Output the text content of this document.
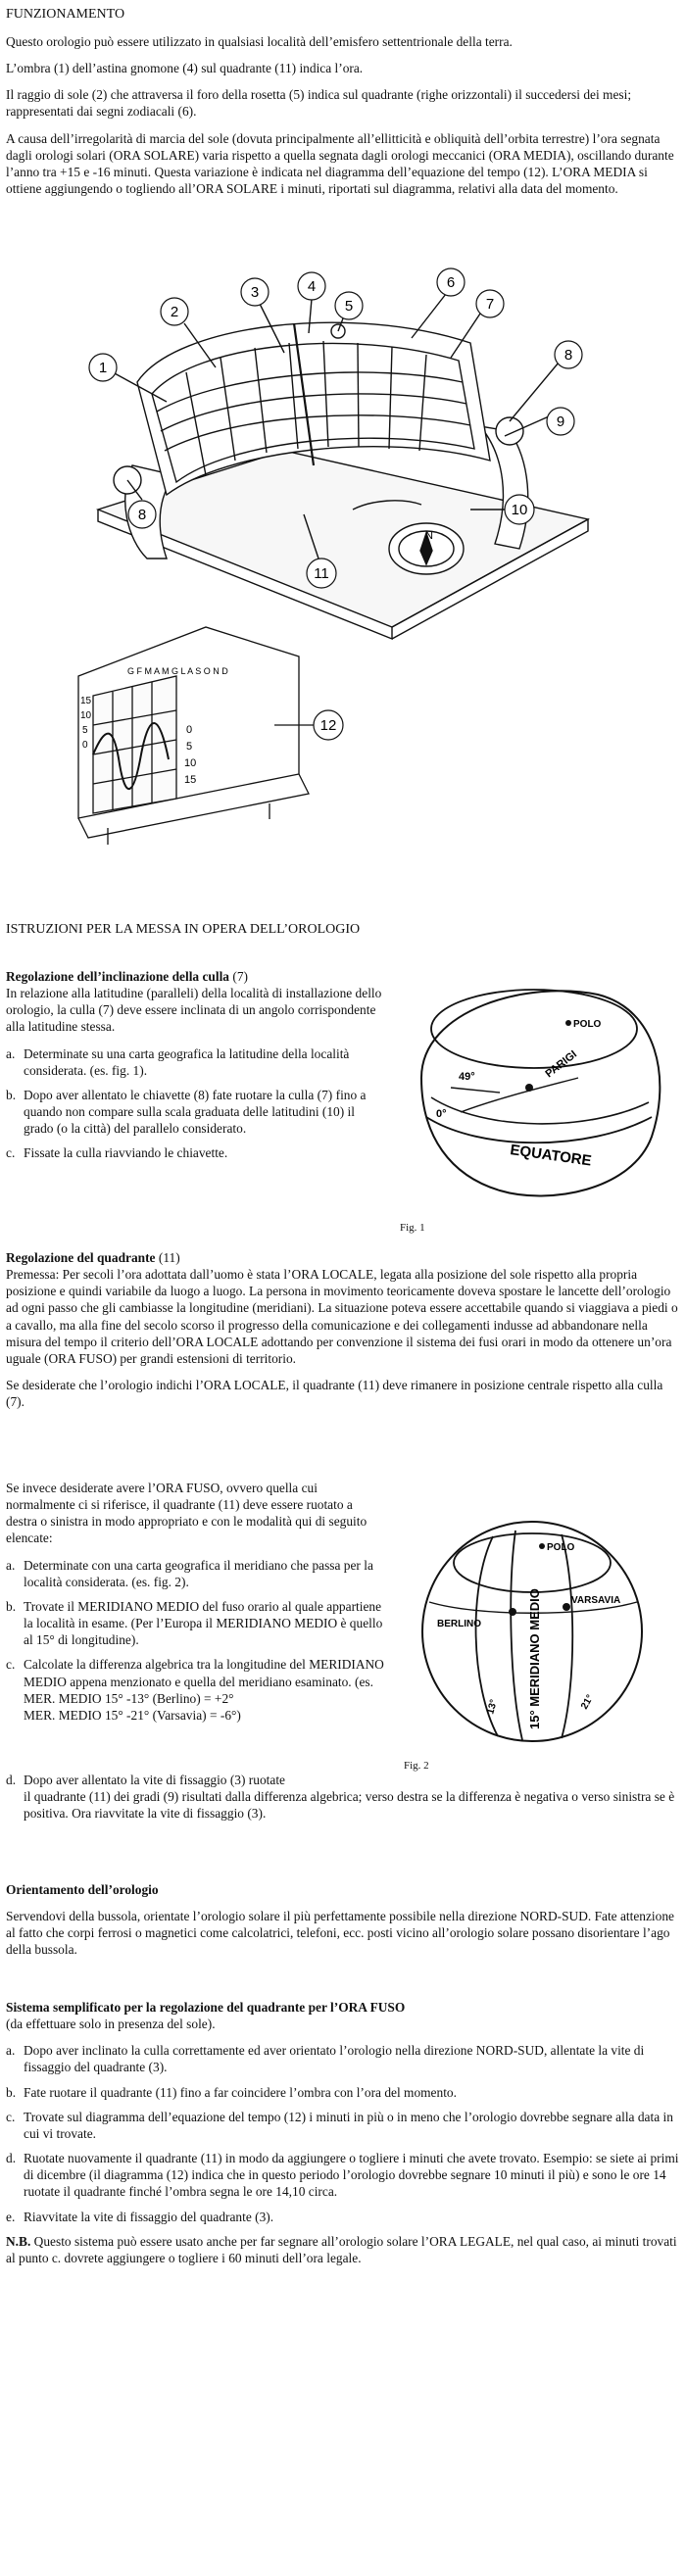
FUNZIONAMENTO

Questo orologio può essere utilizzato in qualsiasi località dell’emisfero settentrionale della terra.

L’ombra (1) dell’astina gnomone (4) sul quadrante (11) indica l’ora.

Il raggio di sole (2) che attraversa il foro della rosetta (5) indica sul quadrante (righe orizzontali) il succedersi dei mesi; rappresentati dai segni zodiacali (6).

A causa dell’irregolarità di marcia del sole (dovuta principalmente all’ellitticità e obliquità dell’orbita terrestre) l’ora segnata dagli orologi solari (ORA SOLARE) varia rispetto a quella segnata dagli orologi meccanici (ORA MEDIA), oscillando durante l’anno tra +15 e -16 minuti. Questa variazione è indicata nel diagramma dell’equazione del tempo (12). L’ORA MEDIA si ottiene aggiungendo o togliendo all’ORA SOLARE i minuti, riportati sul diagramma, relativi alla data del momento.

1
2
3	4
5
6
7
8
8
9
10
11
N
G F M A M G L A S O N D
15
10
5
0
0
5
10
15
12

ISTRUZIONI PER LA MESSA IN OPERA DELL’OROLOGIO

Regolazione dell’inclinazione della culla (7)

In relazione alla latitudine (paralleli) della località di installazione dello orologio, la culla (7) deve essere inclinata di un angolo corrispondente alla latitudine stessa.

a. Determinate su una carta geografica la latitudine della località considerata. (es. fig. 1).
b. Dopo aver allentato le chiavette (8) fate ruotare la culla (7) fino a quando non compare sulla scala graduata delle latitudini (10) il grado (o la città) del parallelo considerato.
c. Fissate la culla riavviando le chiavette.
POLO
49°
0°
PARIGI
EQUATORE
Fig. 1

Regolazione del quadrante (11)

Premessa: Per secoli l’ora adottata dall’uomo è stata l’ORA LOCALE, legata alla posizione del sole rispetto alla propria posizione e quindi variabile da luogo a luogo. La persona in movimento teoricamente doveva spostare le lancette dell’orologio ad ogni passo che gli cambiasse la longitudine (meridiani). La situazione poteva essere accettabile quando si viaggiava a piedi o a cavallo, ma alla fine del secolo scorso il progresso della comunicazione e dei collegamenti indusse ad abbandonare nella misura del tempo il criterio dell’ORA LOCALE adottando per convenzione il sistema dei fusi orari in modo da ottenere un’ora uguale (ORA FUSO) per grandi estensioni di territorio.

Se desiderate che l’orologio indichi l’ORA LOCALE, il quadrante (11) deve rimanere in posizione centrale rispetto alla culla (7).

Se invece desiderate avere l’ORA FUSO, ovvero quella cui normalmente ci si riferisce, il quadrante (11) deve essere ruotato a destra o sinistra in modo appropriato e con le modalità qui di seguito elencate:

a. Determinate con una carta geografica il meridiano che passa per la località considerata. (es. fig. 2).
b. Trovate il MERIDIANO MEDIO del fuso orario al quale appartiene la località in esame. (Per l’Europa il MERIDIANO MEDIO è quello al 15° di longitudine).
c. Calcolate la differenza algebrica tra la longitudine del MERIDIANO MEDIO appena menzionato e quella del meridiano esaminato. (es. MER. MEDIO 15° -13° (Berlino) = +2°
MER. MEDIO 15° -21° (Varsavia) = -6°)
d. Dopo aver allentato la vite di fissaggio (3) ruotate
il quadrante (11) dei gradi (9) risultati dalla differenza algebrica; verso destra se la differenza è negativa o verso sinistra se è positiva. Ora riavvitate la vite di fissaggio (3).
POLO
BERLINO
VARSAVIA
15° MERIDIANO MEDIO
13°	21°
Fig. 2

Orientamento dell’orologio

Servendovi della bussola, orientate l’orologio solare il più perfettamente possibile nella direzione NORD-SUD. Fate attenzione al fatto che corpi ferrosi o magnetici come calcolatrici, telefoni, ecc. posti vicino all’orologio solare possano disorientare l’ago della bussola.

Sistema semplificato per la regolazione del quadrante per l’ORA FUSO

(da effettuare solo in presenza del sole).

a. Dopo aver inclinato la culla correttamente ed aver orientato l’orologio nella direzione NORD-SUD, allentate la vite di fissaggio del quadrante (3).
b. Fate ruotare il quadrante (11) fino a far coincidere l’ombra con l’ora del momento.
c. Trovate sul diagramma dell’equazione del tempo (12) i minuti in più o in meno che l’orologio dovrebbe segnare alla data in cui vi trovate.
d. Ruotate nuovamente il quadrante (11) in modo da aggiungere o togliere i minuti che avete trovato. Esempio: se siete ai primi di dicembre (il diagramma (12) indica che in questo periodo l’orologio dovrebbe segnare 10 minuti il più) e sono le ore 14 ruotate il quadrante finché l’ombra segna le ore 14,10 circa.
e. Riavvitate la vite di fissaggio del quadrante (3).

N.B. Questo sistema può essere usato anche per far segnare all’orologio solare l’ORA LEGALE, nel qual caso, ai minuti trovati al punto c. dovrete aggiungere o togliere i 60 minuti dell’ora legale.
